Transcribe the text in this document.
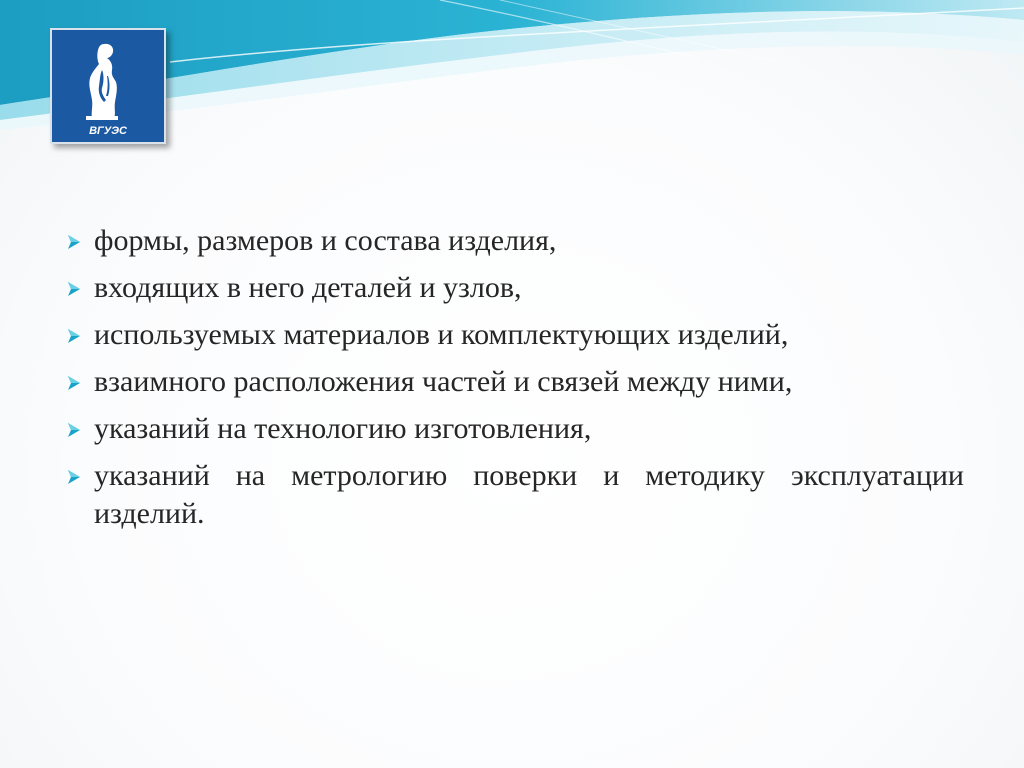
ВГУЭС
формы, размеров и состава изделия,
входящих в него деталей и узлов,
используемых материалов и комплектующих изделий,
взаимного расположения частей и связей между ними,
указаний на технологию изготовления,
указаний на метрологию поверки и методику эксплуатации изделий.
